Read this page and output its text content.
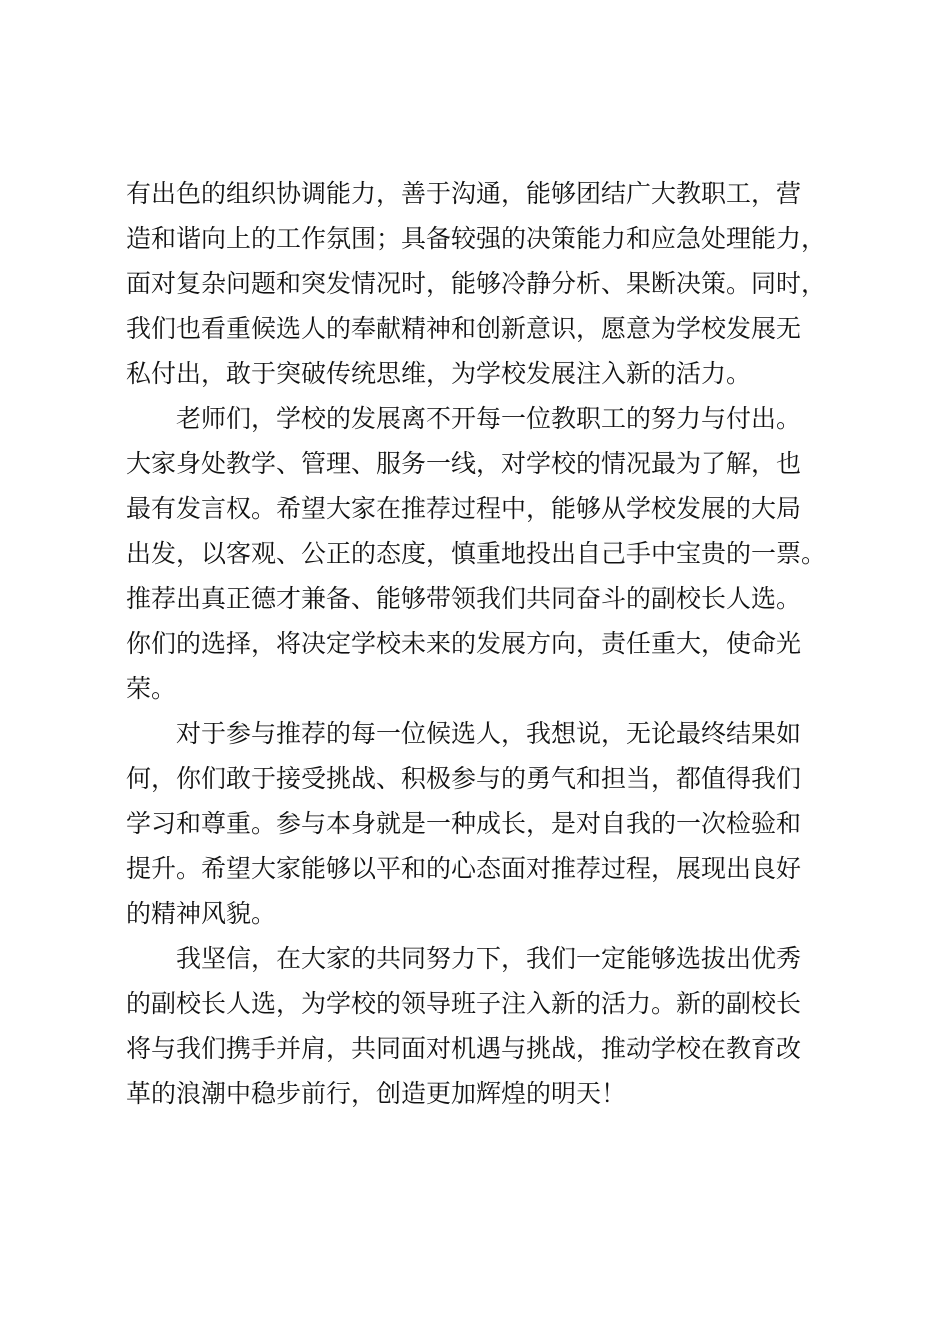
有出色的组织协调能力，善于沟通，能够团结广大教职工，营
造和谐向上的工作氛围；具备较强的决策能力和应急处理能力，
面对复杂问题和突发情况时，能够冷静分析、果断决策。同时，
我们也看重候选人的奉献精神和创新意识，愿意为学校发展无
私付出，敢于突破传统思维，为学校发展注入新的活力。
老师们，学校的发展离不开每一位教职工的努力与付出。
大家身处教学、管理、服务一线，对学校的情况最为了解，也
最有发言权。希望大家在推荐过程中，能够从学校发展的大局
出发，以客观、公正的态度，慎重地投出自己手中宝贵的一票。
推荐出真正德才兼备、能够带领我们共同奋斗的副校长人选。
你们的选择，将决定学校未来的发展方向，责任重大，使命光
荣。
对于参与推荐的每一位候选人，我想说，无论最终结果如
何，你们敢于接受挑战、积极参与的勇气和担当，都值得我们
学习和尊重。参与本身就是一种成长，是对自我的一次检验和
提升。希望大家能够以平和的心态面对推荐过程，展现出良好
的精神风貌。
我坚信，在大家的共同努力下，我们一定能够选拔出优秀
的副校长人选，为学校的领导班子注入新的活力。新的副校长
将与我们携手并肩，共同面对机遇与挑战，推动学校在教育改
革的浪潮中稳步前行，创造更加辉煌的明天！
